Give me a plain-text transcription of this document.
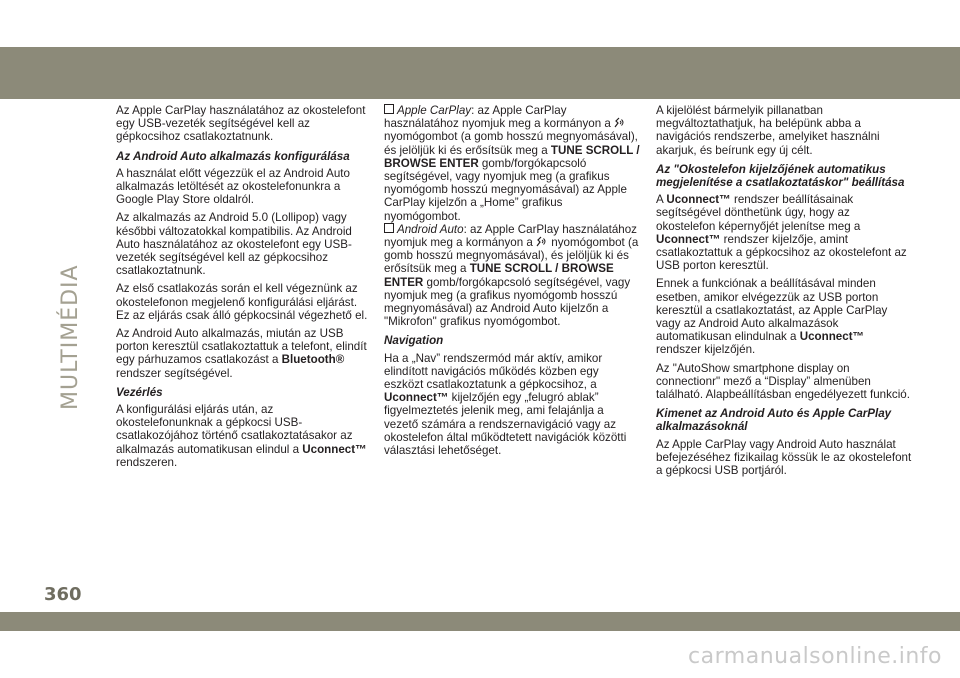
MULTIMÉDIA

Az Apple CarPlay használatához az okostelefont egy USB-vezeték segítségével kell az gépkocsihoz csatlakoztatnunk.

Az Android Auto alkalmazás konfigurálása

A használat előtt végezzük el az Android Auto alkalmazás letöltését az okostelefonunkra a Google Play Store oldalról.

Az alkalmazás az Android 5.0 (Lollipop) vagy későbbi változatokkal kompatibilis. Az Android Auto használatához az okostelefont egy USB-vezeték segítségével kell az gépkocsihoz csatlakoztatnunk.

Az első csatlakozás során el kell végeznünk az okostelefonon megjelenő konfigurálási eljárást. Ez az eljárás csak álló gépkocsinál végezhető el.

Az Android Auto alkalmazás, miután az USB porton keresztül csatlakoztattuk a telefont, elindít egy párhuzamos csatlakozást a Bluetooth® rendszer segítségével.

Vezérlés

A konfigurálási eljárás után, az okostelefonunknak a gépkocsi USB-csatlakozójához történő csatlakoztatásakor az alkalmazás automatikusan elindul a Uconnect™ rendszeren.

Apple CarPlay: az Apple CarPlay használatához nyomjuk meg a kormányon a  nyomógombot (a gomb hosszú megnyomásával), és jelöljük ki és erősítsük meg a TUNE SCROLL / BROWSE ENTER gomb/forgókapcsoló segítségével, vagy nyomjuk meg (a grafikus nyomógomb hosszú megnyomásával) az Apple CarPlay kijelzőn a „Home” grafikus nyomógombot.

Android Auto: az Apple CarPlay használatához nyomjuk meg a kormányon a  nyomógombot (a gomb hosszú megnyomásával), és jelöljük ki és erősítsük meg a TUNE SCROLL / BROWSE ENTER gomb/forgókapcsoló segítségével, vagy nyomjuk meg (a grafikus nyomógomb hosszú megnyomásával) az Android Auto kijelzőn a "Mikrofon" grafikus nyomógombot.

Navigation

Ha a „Nav” rendszermód már aktív, amikor elindított navigációs működés közben egy eszközt csatlakoztatunk a gépkocsihoz, a Uconnect™ kijelzőjén egy „felugró ablak” figyelmeztetés jelenik meg, ami felajánlja a vezető számára a rendszernavigáció vagy az okostelefon által működtetett navigációk közötti választási lehetőséget.

A kijelölést bármelyik pillanatban megváltoztathatjuk, ha belépünk abba a navigációs rendszerbe, amelyiket használni akarjuk, és beírunk egy új célt.

Az "Okostelefon kijelzőjének automatikus megjelenítése a csatlakoztatáskor" beállítása

A Uconnect™ rendszer beállításainak segítségével dönthetünk úgy, hogy az okostelefon képernyőjét jelenítse meg a Uconnect™ rendszer kijelzője, amint csatlakoztattuk a gépkocsihoz az okostelefont az USB porton keresztül.

Ennek a funkciónak a beállításával minden esetben, amikor elvégezzük az USB porton keresztül a csatlakoztatást, az Apple CarPlay vagy az Android Auto alkalmazások automatikusan elindulnak a Uconnect™ rendszer kijelzőjén.

Az "AutoShow smartphone display on connectionr" mező a “Display” almenüben található. Alapbeállításban engedélyezett funkció.

Kimenet az Android Auto és Apple CarPlay alkalmazásoknál

Az Apple CarPlay vagy Android Auto használat befejezéséhez fizikailag kössük le az okostelefont a gépkocsi USB portjáról.

360
carmanualsonline.info
